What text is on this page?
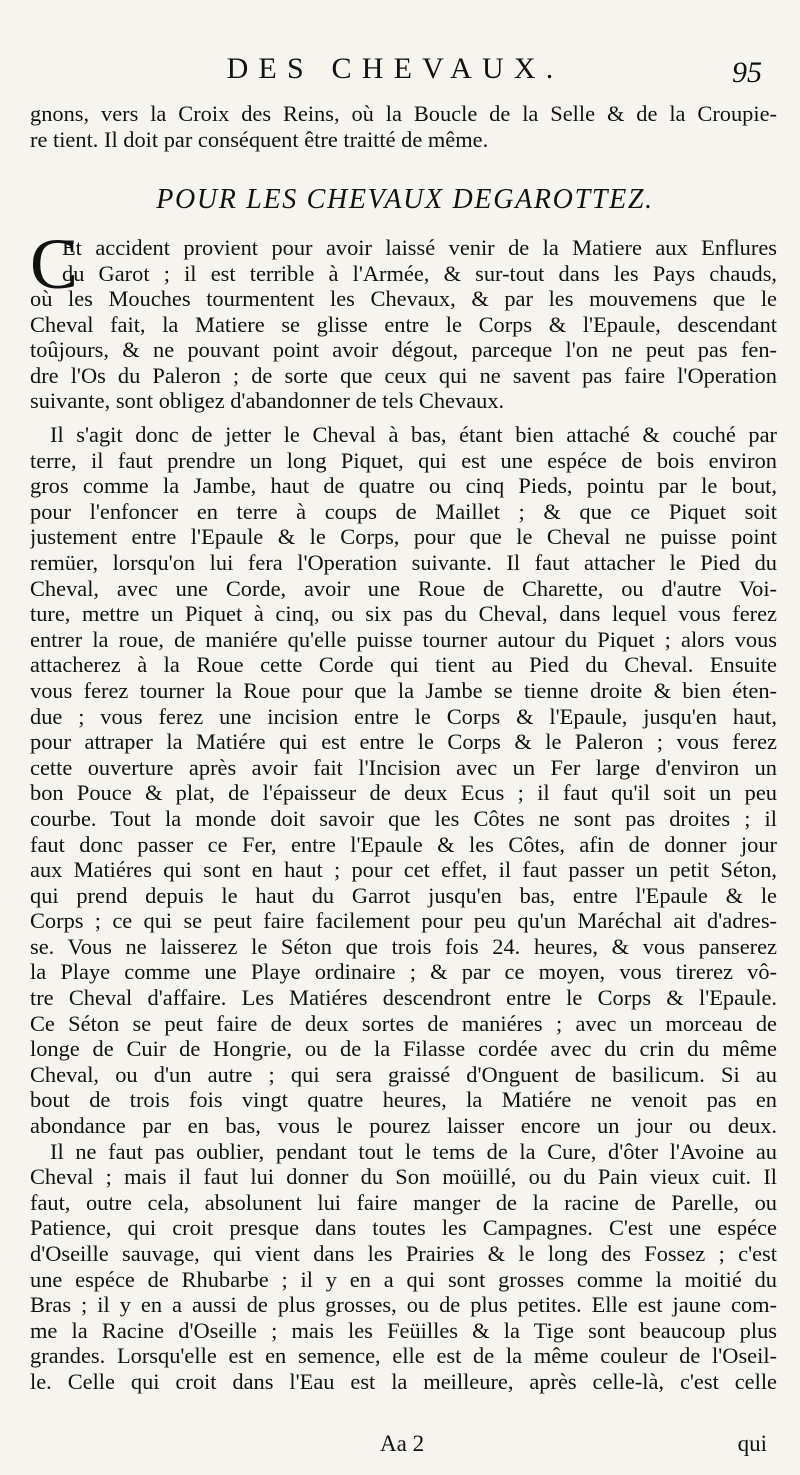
DES CHEVAUX.	95
gnons, vers la Croix des Reins, où la Boucle de la Selle & de la Croupie-
re tient. Il doit par conséquent être traitté de même.
POUR LES CHEVAUX DEGAROTTEZ.
C
Et accident provient pour avoir laissé venir de la Matiere aux Enflures
du Garot ; il est terrible à l'Armée, & sur-tout dans les Pays chauds,
où les Mouches tourmentent les Chevaux, & par les mouvemens que le
Cheval fait, la Matiere se glisse entre le Corps & l'Epaule, descendant
toûjours, & ne pouvant point avoir dégout, parceque l'on ne peut pas fen-
dre l'Os du Paleron ; de sorte que ceux qui ne savent pas faire l'Operation
suivante, sont obligez d'abandonner de tels Chevaux.
Il s'agit donc de jetter le Cheval à bas, étant bien attaché & couché par
terre, il faut prendre un long Piquet, qui est une espéce de bois environ
gros comme la Jambe, haut de quatre ou cinq Pieds, pointu par le bout,
pour l'enfoncer en terre à coups de Maillet ; & que ce Piquet soit
justement entre l'Epaule & le Corps, pour que le Cheval ne puisse point
remüer, lorsqu'on lui fera l'Operation suivante. Il faut attacher le Pied du
Cheval, avec une Corde, avoir une Roue de Charette, ou d'autre Voi-
ture, mettre un Piquet à cinq, ou six pas du Cheval, dans lequel vous ferez
entrer la roue, de maniére qu'elle puisse tourner autour du Piquet ; alors vous
attacherez à la Roue cette Corde qui tient au Pied du Cheval. Ensuite
vous ferez tourner la Roue pour que la Jambe se tienne droite & bien éten-
due ; vous ferez une incision entre le Corps & l'Epaule, jusqu'en haut,
pour attraper la Matiére qui est entre le Corps & le Paleron ; vous ferez
cette ouverture après avoir fait l'Incision avec un Fer large d'environ un
bon Pouce & plat, de l'épaisseur de deux Ecus ; il faut qu'il soit un peu
courbe. Tout la monde doit savoir que les Côtes ne sont pas droites ; il
faut donc passer ce Fer, entre l'Epaule & les Côtes, afin de donner jour
aux Matiéres qui sont en haut ; pour cet effet, il faut passer un petit Séton,
qui prend depuis le haut du Garrot jusqu'en bas, entre l'Epaule & le
Corps ; ce qui se peut faire facilement pour peu qu'un Maréchal ait d'adres-
se. Vous ne laisserez le Séton que trois fois 24. heures, & vous panserez
la Playe comme une Playe ordinaire ; & par ce moyen, vous tirerez vô-
tre Cheval d'affaire. Les Matiéres descendront entre le Corps & l'Epaule.
Ce Séton se peut faire de deux sortes de maniéres ; avec un morceau de
longe de Cuir de Hongrie, ou de la Filasse cordée avec du crin du même
Cheval, ou d'un autre ; qui sera graissé d'Onguent de basilicum. Si au
bout de trois fois vingt quatre heures, la Matiére ne venoit pas en
abondance par en bas, vous le pourez laisser encore un jour ou deux.
Il ne faut pas oublier, pendant tout le tems de la Cure, d'ôter l'Avoine au
Cheval ; mais il faut lui donner du Son moüillé, ou du Pain vieux cuit. Il
faut, outre cela, absolunent lui faire manger de la racine de Parelle, ou
Patience, qui croit presque dans toutes les Campagnes. C'est une espéce
d'Oseille sauvage, qui vient dans les Prairies & le long des Fossez ; c'est
une espéce de Rhubarbe ; il y en a qui sont grosses comme la moitié du
Bras ; il y en a aussi de plus grosses, ou de plus petites. Elle est jaune com-
me la Racine d'Oseille ; mais les Feüilles & la Tige sont beaucoup plus
grandes. Lorsqu'elle est en semence, elle est de la même couleur de l'Oseil-
le. Celle qui croit dans l'Eau est la meilleure, après celle-là, c'est celle
Aa 2	qui
